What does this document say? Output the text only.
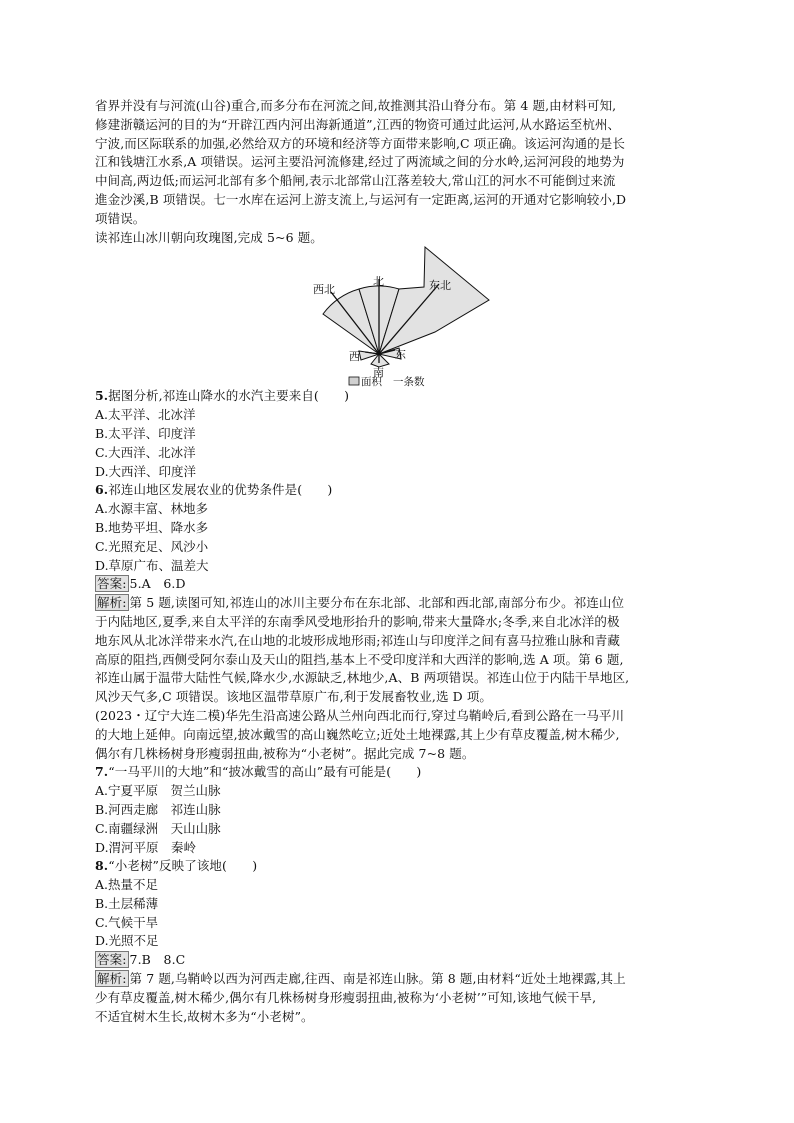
省界并没有与河流(山谷)重合,而多分布在河流之间,故推测其沿山脊分布。第 4 题,由材料可知,
修建浙赣运河的目的为“开辟江西内河出海新通道”,江西的物资可通过此运河,从水路运至杭州、
宁波,而区际联系的加强,必然给双方的环境和经济等方面带来影响,C 项正确。该运河沟通的是长
江和钱塘江水系,A 项错误。运河主要沿河流修建,经过了两流域之间的分水岭,运河河段的地势为
中间高,两边低;而运河北部有多个船闸,表示北部常山江落差较大,常山江的河水不可能倒过来流
進金沙溪,B 项错误。七一水库在运河上游支流上,与运河有一定距离,运河的开通对它影响较小,D
项错误。

读祁连山冰川朝向玫瑰图,完成 5~6 题。

西北
北	东北
西	东
南
面积 一条数

5.据图分析,祁连山降水的水汽主要来自(　　)

A.太平洋、北冰洋

B.太平洋、印度洋

C.大西洋、北冰洋

D.大西洋、印度洋

6.祁连山地区发展农业的优势条件是(　　)

A.水源丰富、林地多

B.地势平坦、降水多

C.光照充足、风沙小

D.草原广布、温差大

答案: 5.A　6.D

解析: 第 5 题,读图可知,祁连山的冰川主要分布在东北部、北部和西北部,南部分布少。祁连山位
于内陆地区,夏季,来自太平洋的东南季风受地形抬升的影响,带来大量降水;冬季,来自北冰洋的极
地东风从北冰洋带来水汽,在山地的北坡形成地形雨;祁连山与印度洋之间有喜马拉雅山脉和青藏
高原的阻挡,西侧受阿尔泰山及天山的阻挡,基本上不受印度洋和大西洋的影响,选 A 项。第 6 题,
祁连山属于温带大陆性气候,降水少,水源缺乏,林地少,A、B 两项错误。祁连山位于内陆干旱地区,
风沙天气多,C 项错误。该地区温带草原广布,利于发展畜牧业,选 D 项。
(2023・辽宁大连二模)华先生沿高速公路从兰州向西北而行,穿过乌鞘岭后,看到公路在一马平川
的大地上延伸。向南远望,披冰戴雪的高山巍然屹立;近处土地裸露,其上少有草皮覆盖,树木稀少,
偶尔有几株杨树身形瘦弱扭曲,被称为“小老树”。据此完成 7~8 题。

7.“一马平川的大地”和“披冰戴雪的高山”最有可能是(　　)

A.宁夏平原　贺兰山脉

B.河西走廊　祁连山脉

C.南疆绿洲　天山山脉

D.渭河平原　秦岭

8.“小老树”反映了该地(　　)

A.热量不足

B.土层稀薄

C.气候干旱

D.光照不足

答案: 7.B　8.C

解析: 第 7 题,乌鞘岭以西为河西走廊,往西、南是祁连山脉。第 8 题,由材料“近处土地裸露,其上
少有草皮覆盖,树木稀少,偶尔有几株杨树身形瘦弱扭曲,被称为‘小老树’”可知,该地气候干旱,
不适宜树木生长,故树木多为“小老树”。
